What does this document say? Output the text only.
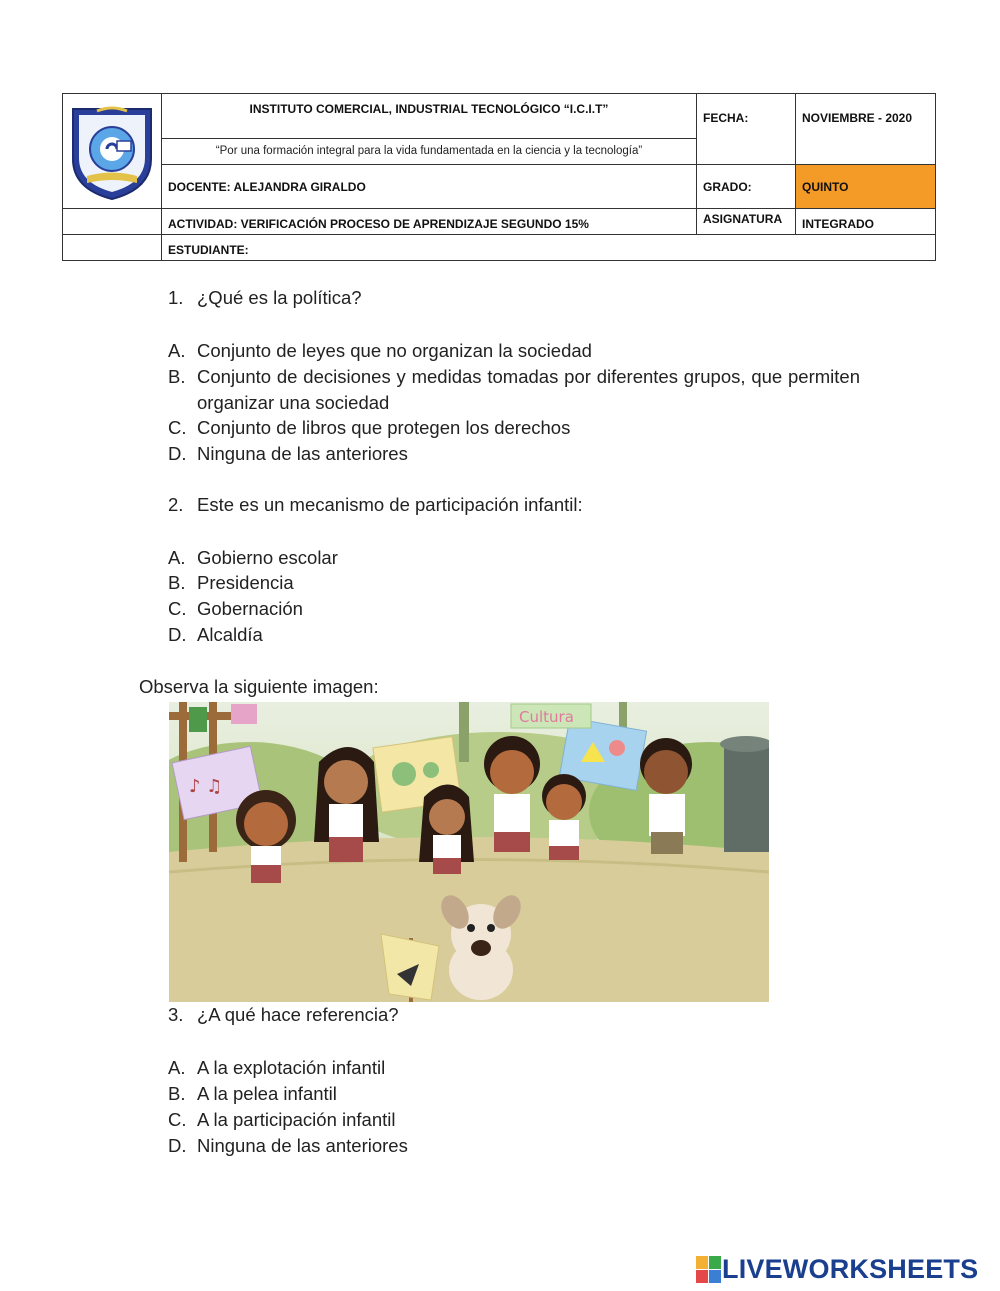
INSTITUTO COMERCIAL, INDUSTRIAL TECNOLÓGICO “I.C.I.T”
“Por una formación integral para la vida fundamentada en la ciencia y la tecnología”
FECHA:	NOVIEMBRE - 2020
DOCENTE: ALEJANDRA GIRALDO	GRADO:	QUINTO
ACTIVIDAD: VERIFICACIÓN PROCESO DE APRENDIZAJE SEGUNDO 15%	ASIGNATURA	INTEGRADO
ESTUDIANTE:
1. ¿Qué es la política?
A. Conjunto de leyes que no organizan la sociedad
B. Conjunto de decisiones y medidas tomadas por diferentes grupos, que permiten organizar una sociedad
C. Conjunto de libros que protegen los derechos
D. Ninguna de las anteriores
2. Este es un mecanismo de participación infantil:
A. Gobierno escolar
B. Presidencia
C. Gobernación
D. Alcaldía
Observa la siguiente imagen:
♪ ♫
Cultura
3. ¿A qué hace referencia?
A. A la explotación infantil
B. A la pelea infantil
C. A la participación infantil
D. Ninguna de las anteriores
LIVEWORKSHEETS
